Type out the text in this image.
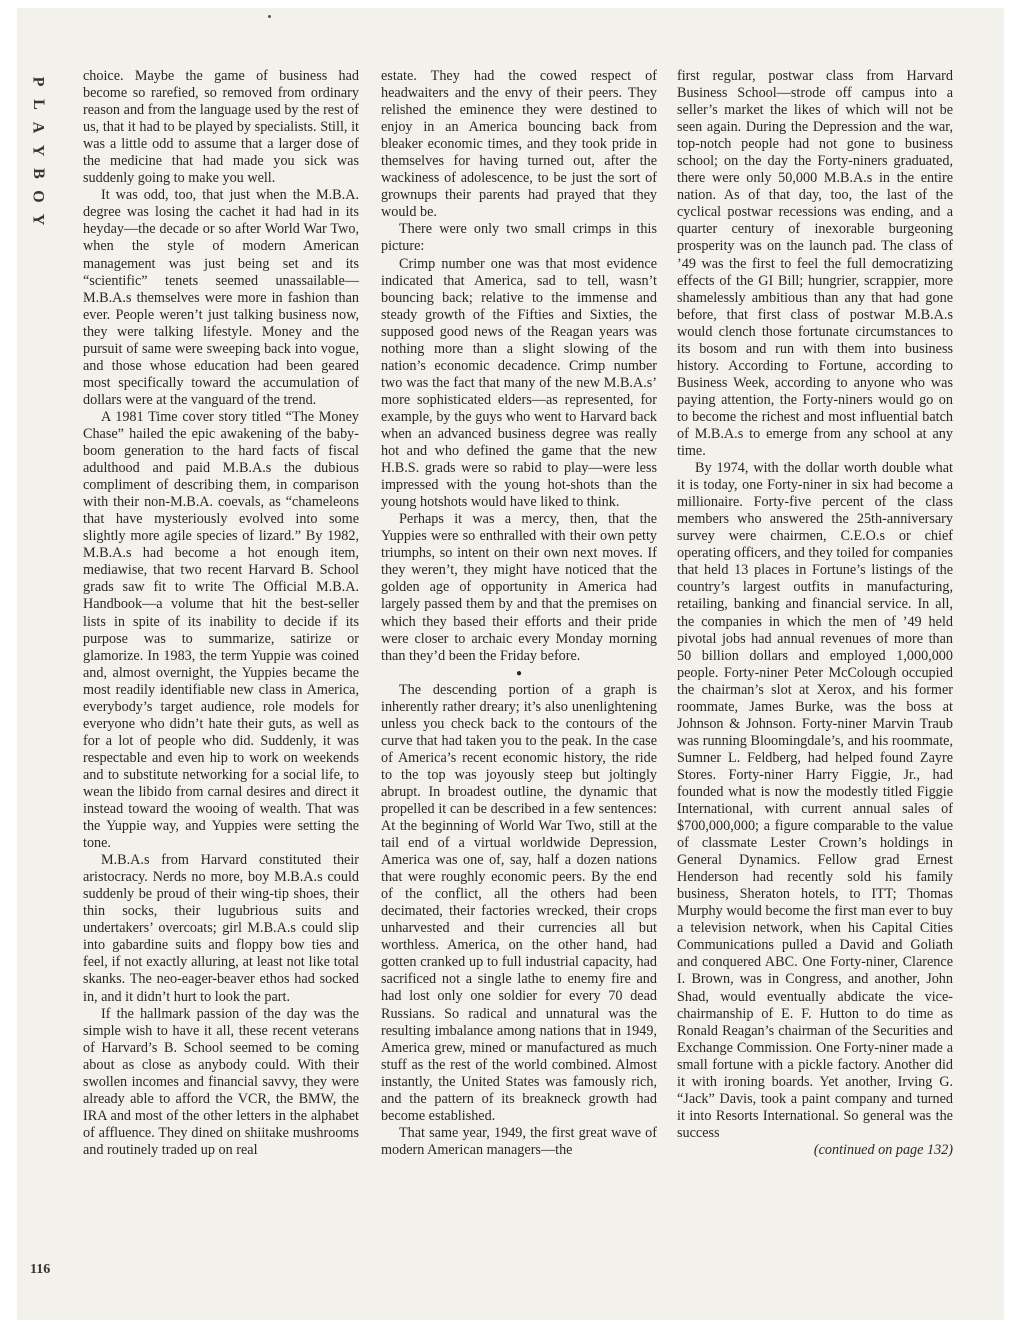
P
L
A
Y
B
O
Y

choice. Maybe the game of business had become so rarefied, so removed from ordinary reason and from the language used by the rest of us, that it had to be played by specialists. Still, it was a little odd to assume that a larger dose of the medicine that had made you sick was suddenly going to make you well.

It was odd, too, that just when the M.B.A. degree was losing the cachet it had had in its heyday—the decade or so after World War Two, when the style of modern American management was just being set and its “scientific” tenets seemed unassailable—M.B.A.s themselves were more in fashion than ever. People weren’t just talking business now, they were talking lifestyle. Money and the pursuit of same were sweeping back into vogue, and those whose education had been geared most specifically toward the accumulation of dollars were at the vanguard of the trend.

A 1981 Time cover story titled “The Money Chase” hailed the epic awakening of the baby-boom generation to the hard facts of fiscal adulthood and paid M.B.A.s the dubious compliment of describing them, in comparison with their non-M.B.A. coevals, as “chameleons that have mysteriously evolved into some slightly more agile species of lizard.” By 1982, M.B.A.s had become a hot enough item, mediawise, that two recent Harvard B. School grads saw fit to write The Official M.B.A. Handbook—a volume that hit the best-seller lists in spite of its inability to decide if its purpose was to summarize, satirize or glamorize. In 1983, the term Yuppie was coined and, almost overnight, the Yuppies became the most readily identifiable new class in America, everybody’s target audience, role models for everyone who didn’t hate their guts, as well as for a lot of people who did. Suddenly, it was respectable and even hip to work on weekends and to substitute networking for a social life, to wean the libido from carnal desires and direct it instead toward the wooing of wealth. That was the Yuppie way, and Yuppies were setting the tone.

M.B.A.s from Harvard constituted their aristocracy. Nerds no more, boy M.B.A.s could suddenly be proud of their wing-tip shoes, their thin socks, their lugubrious suits and undertakers’ overcoats; girl M.B.A.s could slip into gabardine suits and floppy bow ties and feel, if not exactly alluring, at least not like total skanks. The neo-eager-beaver ethos had socked in, and it didn’t hurt to look the part.

If the hallmark passion of the day was the simple wish to have it all, these recent veterans of Harvard’s B. School seemed to be coming about as close as anybody could. With their swollen incomes and financial savvy, they were already able to afford the VCR, the BMW, the IRA and most of the other letters in the alphabet of affluence. They dined on shiitake mushrooms and routinely traded up on real

estate. They had the cowed respect of headwaiters and the envy of their peers. They relished the eminence they were destined to enjoy in an America bouncing back from bleaker economic times, and they took pride in themselves for having turned out, after the wackiness of adolescence, to be just the sort of grownups their parents had prayed that they would be.

There were only two small crimps in this picture:

Crimp number one was that most evidence indicated that America, sad to tell, wasn’t bouncing back; relative to the immense and steady growth of the Fifties and Sixties, the supposed good news of the Reagan years was nothing more than a slight slowing of the nation’s economic decadence. Crimp number two was the fact that many of the new M.B.A.s’ more sophisticated elders—as represented, for example, by the guys who went to Harvard back when an advanced business degree was really hot and who defined the game that the new H.B.S. grads were so rabid to play—were less impressed with the young hot-shots than the young hotshots would have liked to think.

Perhaps it was a mercy, then, that the Yuppies were so enthralled with their own petty triumphs, so intent on their own next moves. If they weren’t, they might have noticed that the golden age of opportunity in America had largely passed them by and that the premises on which they based their efforts and their pride were closer to archaic every Monday morning than they’d been the Friday before.

●

The descending portion of a graph is inherently rather dreary; it’s also unenlightening unless you check back to the contours of the curve that had taken you to the peak. In the case of America’s recent economic history, the ride to the top was joyously steep but joltingly abrupt. In broadest outline, the dynamic that propelled it can be described in a few sentences: At the beginning of World War Two, still at the tail end of a virtual worldwide Depression, America was one of, say, half a dozen nations that were roughly economic peers. By the end of the conflict, all the others had been decimated, their factories wrecked, their crops unharvested and their currencies all but worthless. America, on the other hand, had gotten cranked up to full industrial capacity, had sacrificed not a single lathe to enemy fire and had lost only one soldier for every 70 dead Russians. So radical and unnatural was the resulting imbalance among nations that in 1949, America grew, mined or manufactured as much stuff as the rest of the world combined. Almost instantly, the United States was famously rich, and the pattern of its breakneck growth had become established.

That same year, 1949, the first great wave of modern American managers—the

first regular, postwar class from Harvard Business School—strode off campus into a seller’s market the likes of which will not be seen again. During the Depression and the war, top-notch people had not gone to business school; on the day the Forty-niners graduated, there were only 50,000 M.B.A.s in the entire nation. As of that day, too, the last of the cyclical postwar recessions was ending, and a quarter century of inexorable burgeoning prosperity was on the launch pad. The class of ’49 was the first to feel the full democratizing effects of the GI Bill; hungrier, scrappier, more shamelessly ambitious than any that had gone before, that first class of postwar M.B.A.s would clench those fortunate circumstances to its bosom and run with them into business history. According to Fortune, according to Business Week, according to anyone who was paying attention, the Forty-niners would go on to become the richest and most influential batch of M.B.A.s to emerge from any school at any time.

By 1974, with the dollar worth double what it is today, one Forty-niner in six had become a millionaire. Forty-five percent of the class members who answered the 25th-anniversary survey were chairmen, C.E.O.s or chief operating officers, and they toiled for companies that held 13 places in Fortune’s listings of the country’s largest outfits in manufacturing, retailing, banking and financial service. In all, the companies in which the men of ’49 held pivotal jobs had annual revenues of more than 50 billion dollars and employed 1,000,000 people. Forty-niner Peter McColough occupied the chairman’s slot at Xerox, and his former roommate, James Burke, was the boss at Johnson & Johnson. Forty-niner Marvin Traub was running Bloomingdale’s, and his roommate, Sumner L. Feldberg, had helped found Zayre Stores. Forty-niner Harry Figgie, Jr., had founded what is now the modestly titled Figgie International, with current annual sales of $700,000,000; a figure comparable to the value of classmate Lester Crown’s holdings in General Dynamics. Fellow grad Ernest Henderson had recently sold his family business, Sheraton hotels, to ITT; Thomas Murphy would become the first man ever to buy a television network, when his Capital Cities Communications pulled a David and Goliath and conquered ABC. One Forty-niner, Clarence I. Brown, was in Congress, and another, John Shad, would eventually abdicate the vice-chairmanship of E. F. Hutton to do time as Ronald Reagan’s chairman of the Securities and Exchange Commission. One Forty-niner made a small fortune with a pickle factory. Another did it with ironing boards. Yet another, Irving G. “Jack” Davis, took a paint company and turned it into Resorts International. So general was the success

(continued on page 132)

116
